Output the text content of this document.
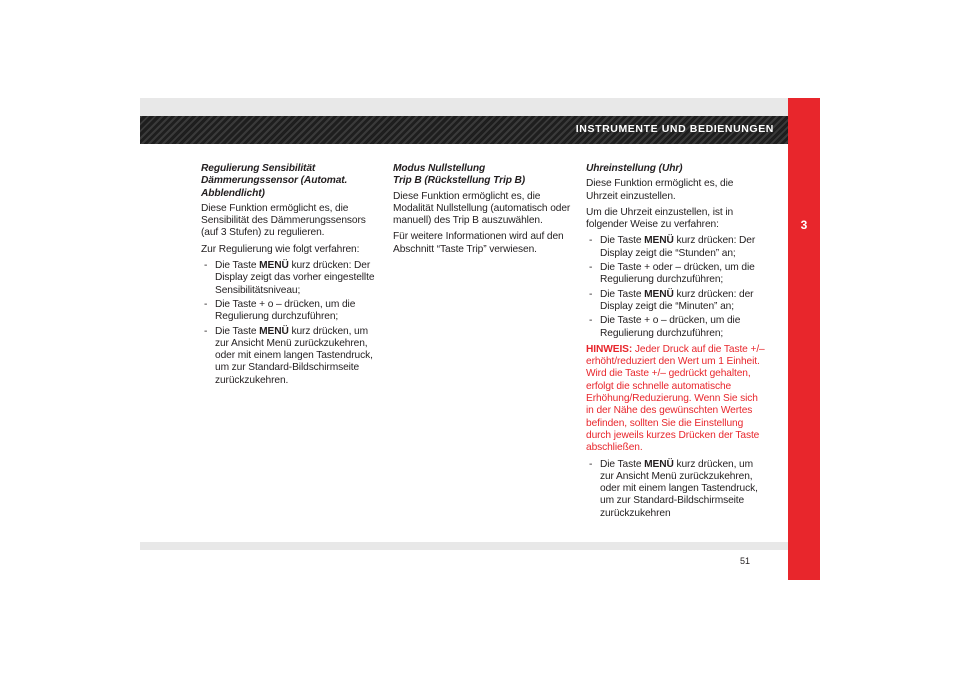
INSTRUMENTE UND BEDIENUNGEN
3
51
Regulierung Sensibilität Dämmerungssensor (Automat. Abblendlicht)

Diese Funktion ermöglicht es, die Sensibilität des Dämmerungssensors (auf 3 Stufen) zu regulieren.

Zur Regulierung wie folgt verfahren:

- Die Taste MENÜ kurz drücken: Der Display zeigt das vorher eingestellte Sensibilitätsniveau;
- Die Taste + o – drücken, um die Regulierung durchzuführen;
- Die Taste MENÜ kurz drücken, um zur Ansicht Menü zurückzukehren, oder mit einem langen Tastendruck, um zur Standard-Bildschirmseite zurückzukehren.
Modus Nullstellung
Trip B (Rückstellung Trip B)

Diese Funktion ermöglicht es, die Modalität Nullstellung (automatisch oder manuell) des Trip B auszuwählen.

Für weitere Informationen wird auf den Abschnitt “Taste Trip” verwiesen.

Uhreinstellung (Uhr)

Diese Funktion ermöglicht es, die Uhrzeit einzustellen.

Um die Uhrzeit einzustellen, ist in folgender Weise zu verfahren:

- Die Taste MENÜ kurz drücken: Der Display zeigt die “Stunden” an;
- Die Taste + oder – drücken, um die Regulierung durchzuführen;
- Die Taste MENÜ kurz drücken: der Display zeigt die “Minuten” an;
- Die Taste + o – drücken, um die Regulierung durchzuführen;

HINWEIS: Jeder Druck auf die Taste +/– erhöht/reduziert den Wert um 1 Einheit. Wird die Taste +/– gedrückt gehalten, erfolgt die schnelle automatische Erhöhung/Reduzierung. Wenn Sie sich in der Nähe des gewünschten Wertes befinden, sollten Sie die Einstellung durch jeweils kurzes Drücken der Taste abschließen.

- Die Taste MENÜ kurz drücken, um zur Ansicht Menü zurückzukehren, oder mit einem langen Tastendruck, um zur Standard-Bildschirmseite zurückzukehren
